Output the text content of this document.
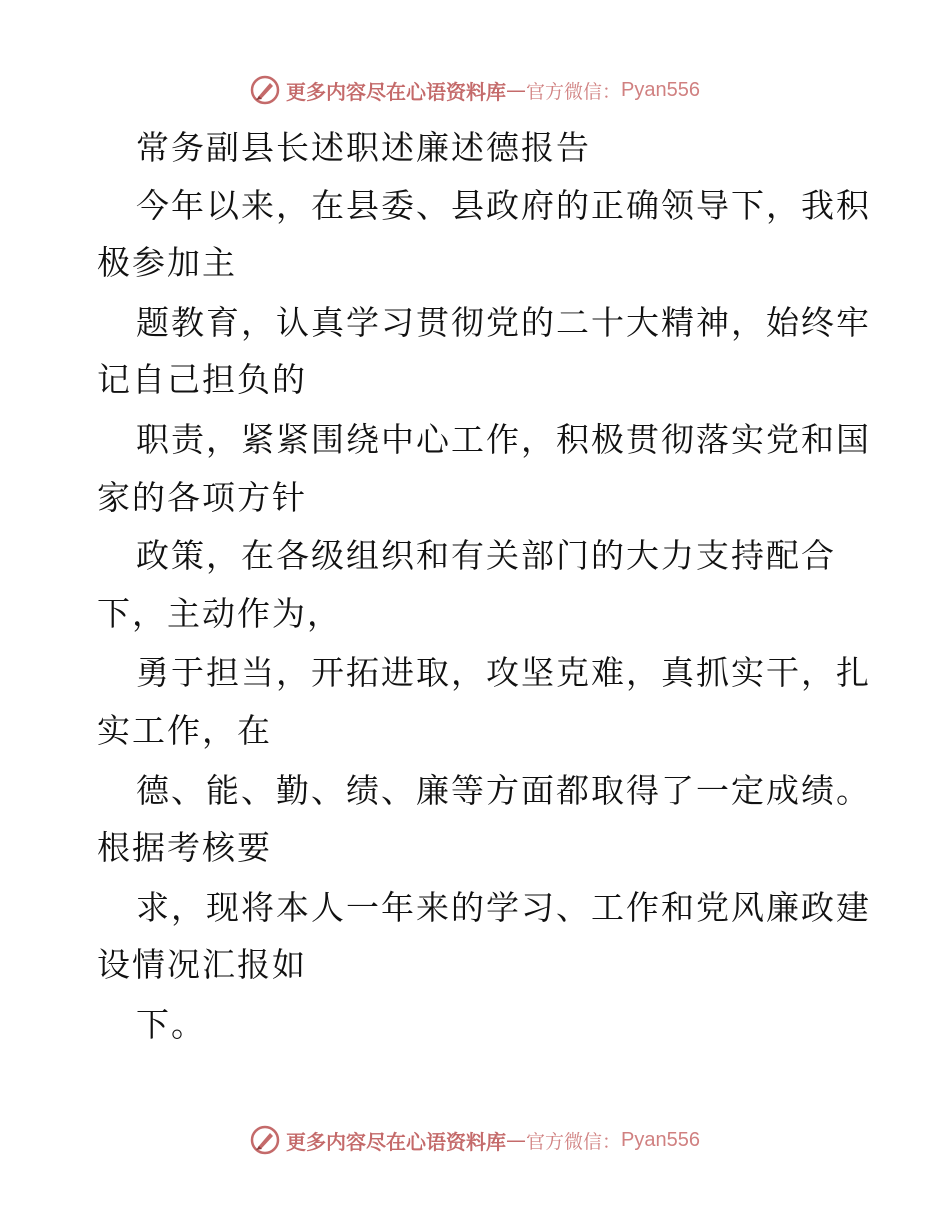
更多内容尽在心语资料库 — 官方微信： Pyan556
常务副县长述职述廉述德报告
今年以来，在县委、县政府的正确领导下，我积
极参加主
题教育，认真学习贯彻党的二十大精神，始终牢
记自己担负的
职责，紧紧围绕中心工作，积极贯彻落实党和国
家的各项方针
政策，在各级组织和有关部门的大力支持配合
下，主动作为，
勇于担当，开拓进取，攻坚克难，真抓实干，扎
实工作，在
德、能、勤、绩、廉等方面都取得了一定成绩。
根据考核要
求，现将本人一年来的学习、工作和党风廉政建
设情况汇报如
下。
更多内容尽在心语资料库 — 官方微信： Pyan556
